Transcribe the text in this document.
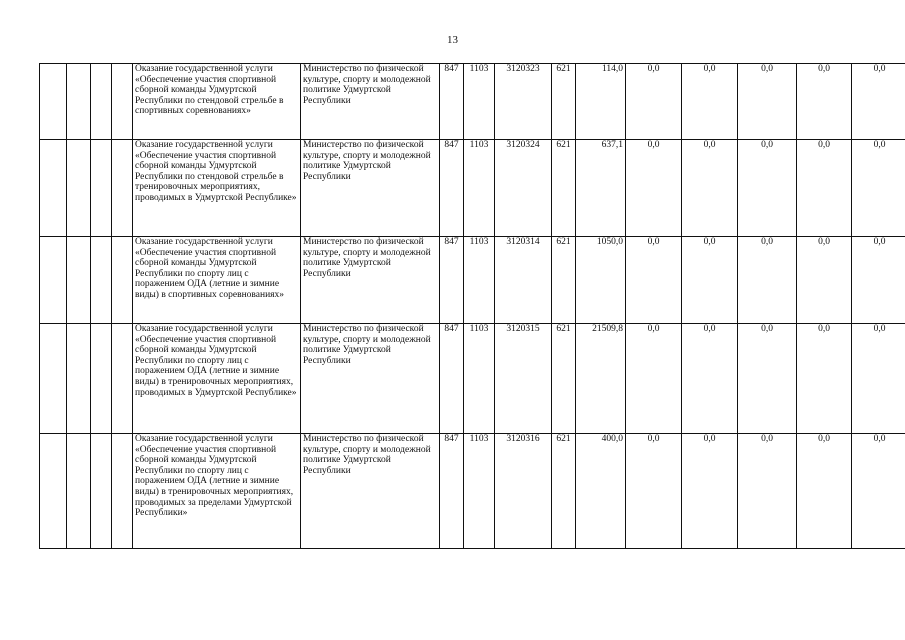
13
				Оказание государственной услуги «Обеспечение участия спортивной сборной команды Удмуртской Республики по стендовой стрельбе в спортивных соревнованиях»	Министерство по физической культуре, спорту и молодежной политике Удмуртской Республики	847	1103	3120323	621	114,0	0,0	0,0	0,0	0,0	0,0
				Оказание государственной услуги «Обеспечение участия спортивной сборной команды Удмуртской Республики по стендовой стрельбе в тренировочных мероприятиях, проводимых в Удмуртской Республике»	Министерство по физической культуре, спорту и молодежной политике Удмуртской Республики	847	1103	3120324	621	637,1	0,0	0,0	0,0	0,0	0,0
				Оказание государственной услуги «Обеспечение участия спортивной сборной команды Удмуртской Республики по спорту лиц с поражением ОДА (летние и зимние виды) в спортивных соревнованиях»	Министерство по физической культуре, спорту и молодежной политике Удмуртской Республики	847	1103	3120314	621	1050,0	0,0	0,0	0,0	0,0	0,0
				Оказание государственной услуги «Обеспечение участия спортивной сборной команды Удмуртской Республики по спорту лиц с поражением ОДА (летние и зимние виды) в тренировочных мероприятиях, проводимых в Удмуртской Республике»	Министерство по физической культуре, спорту и молодежной политике Удмуртской Республики	847	1103	3120315	621	21509,8	0,0	0,0	0,0	0,0	0,0
				Оказание государственной услуги «Обеспечение участия спортивной сборной команды Удмуртской Республики по спорту лиц с поражением ОДА (летние и зимние виды) в тренировочных мероприятиях, проводимых за пределами Удмуртской Республики»	Министерство по физической культуре, спорту и молодежной политике Удмуртской Республики	847	1103	3120316	621	400,0	0,0	0,0	0,0	0,0	0,0
